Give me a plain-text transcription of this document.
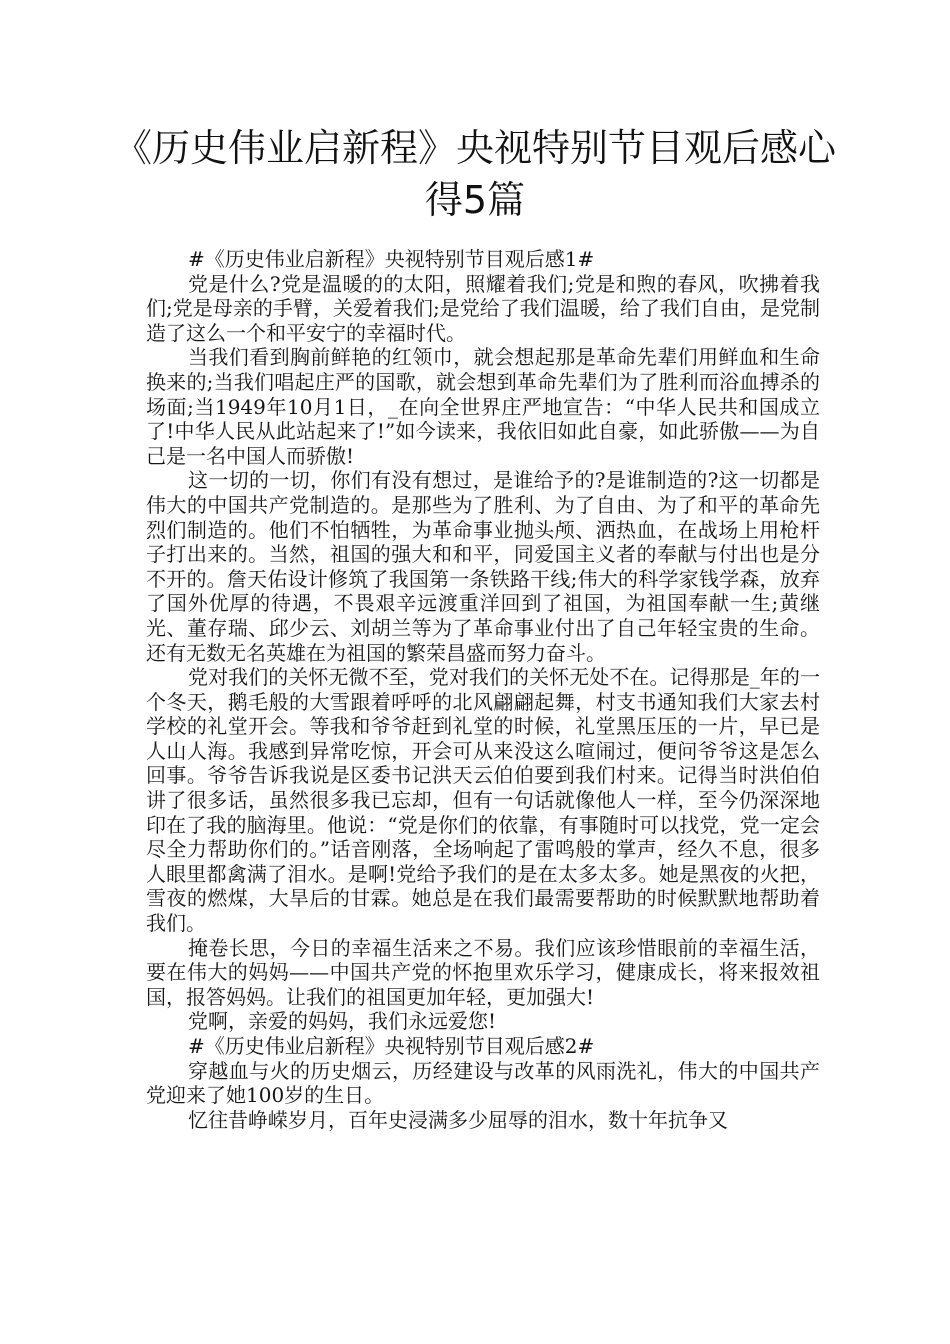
《历史伟业启新程》央视特别节目观后感心得5篇

#《历史伟业启新程》央视特别节目观后感1#

党是什么?党是温暖的的太阳，照耀着我们;党是和煦的春风，吹拂着我们;党是母亲的手臂，关爱着我们;是党给了我们温暖，给了我们自由，是党制造了这么一个和平安宁的幸福时代。

当我们看到胸前鲜艳的红领巾，就会想起那是革命先辈们用鲜血和生命换来的;当我们唱起庄严的国歌，就会想到革命先辈们为了胜利而浴血搏杀的场面;当1949年10月1日，_在向全世界庄严地宣告：“中华人民共和国成立了!中华人民从此站起来了!”如今读来，我依旧如此自豪，如此骄傲——为自己是一名中国人而骄傲!

这一切的一切，你们有没有想过，是谁给予的?是谁制造的?这一切都是伟大的中国共产党制造的。是那些为了胜利、为了自由、为了和平的革命先烈们制造的。他们不怕牺牲，为革命事业抛头颅、洒热血，在战场上用枪杆子打出来的。当然，祖国的强大和和平，同爱国主义者的奉献与付出也是分不开的。詹天佑设计修筑了我国第一条铁路干线;伟大的科学家钱学森，放弃了国外优厚的待遇，不畏艰辛远渡重洋回到了祖国，为祖国奉献一生;黄继光、董存瑞、邱少云、刘胡兰等为了革命事业付出了自己年轻宝贵的生命。还有无数无名英雄在为祖国的繁荣昌盛而努力奋斗。

党对我们的关怀无微不至，党对我们的关怀无处不在。记得那是_年的一个冬天，鹅毛般的大雪跟着呼呼的北风翩翩起舞，村支书通知我们大家去村学校的礼堂开会。等我和爷爷赶到礼堂的时候，礼堂黑压压的一片，早已是人山人海。我感到异常吃惊，开会可从来没这么喧闹过，便问爷爷这是怎么回事。爷爷告诉我说是区委书记洪天云伯伯要到我们村来。记得当时洪伯伯讲了很多话，虽然很多我已忘却，但有一句话就像他人一样，至今仍深深地印在了我的脑海里。他说：“党是你们的依靠，有事随时可以找党，党一定会尽全力帮助你们的。”话音刚落，全场响起了雷鸣般的掌声，经久不息，很多人眼里都禽满了泪水。是啊!党给予我们的是在太多太多。她是黑夜的火把，雪夜的燃煤，大旱后的甘霖。她总是在我们最需要帮助的时候默默地帮助着我们。

掩卷长思，今日的幸福生活来之不易。我们应该珍惜眼前的幸福生活，要在伟大的妈妈——中国共产党的怀抱里欢乐学习，健康成长，将来报效祖国，报答妈妈。让我们的祖国更加年轻，更加强大!

党啊，亲爱的妈妈，我们永远爱您!

#《历史伟业启新程》央视特别节目观后感2#

穿越血与火的历史烟云，历经建设与改革的风雨洗礼，伟大的中国共产党迎来了她100岁的生日。

忆往昔峥嵘岁月，百年史浸满多少屈辱的泪水，数十年抗争又
